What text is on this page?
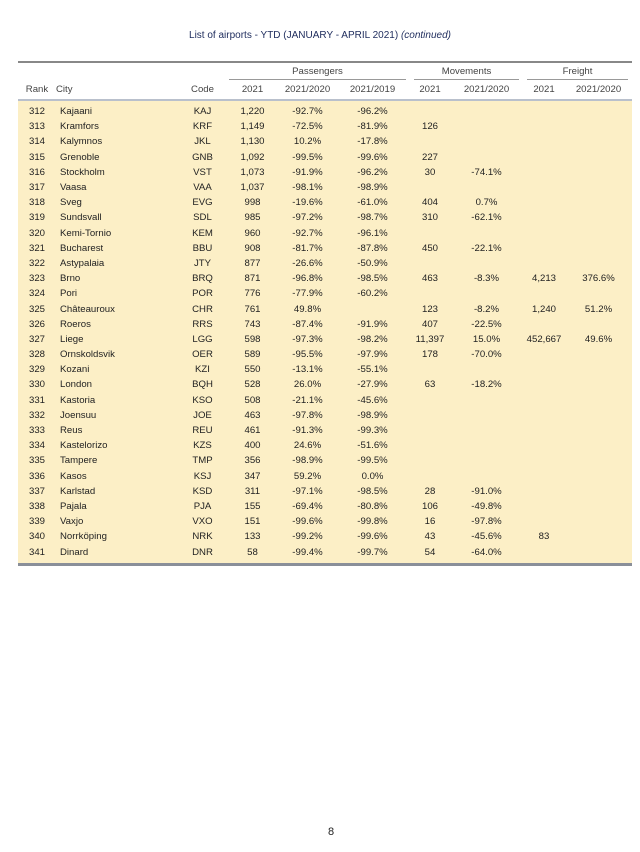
List of airports - YTD (JANUARY - APRIL 2021) (continued)
			Passengers			Movements		Freight	
Rank	City	Code	2021	2021/2020	2021/2019	2021	2021/2020	2021	2021/2020
312	Kajaani	KAJ	1,220	-92.7%	-96.2%				
313	Kramfors	KRF	1,149	-72.5%	-81.9%	126			
314	Kalymnos	JKL	1,130	10.2%	-17.8%				
315	Grenoble	GNB	1,092	-99.5%	-99.6%	227			
316	Stockholm	VST	1,073	-91.9%	-96.2%	30	-74.1%		
317	Vaasa	VAA	1,037	-98.1%	-98.9%				
318	Sveg	EVG	998	-19.6%	-61.0%	404	0.7%		
319	Sundsvall	SDL	985	-97.2%	-98.7%	310	-62.1%		
320	Kemi-Tornio	KEM	960	-92.7%	-96.1%				
321	Bucharest	BBU	908	-81.7%	-87.8%	450	-22.1%		
322	Astypalaia	JTY	877	-26.6%	-50.9%				
323	Brno	BRQ	871	-96.8%	-98.5%	463	-8.3%	4,213	376.6%
324	Pori	POR	776	-77.9%	-60.2%				
325	Châteauroux	CHR	761	49.8%		123	-8.2%	1,240	51.2%
326	Roeros	RRS	743	-87.4%	-91.9%	407	-22.5%		
327	Liege	LGG	598	-97.3%	-98.2%	11,397	15.0%	452,667	49.6%
328	Ornskoldsvik	OER	589	-95.5%	-97.9%	178	-70.0%		
329	Kozani	KZI	550	-13.1%	-55.1%				
330	London	BQH	528	26.0%	-27.9%	63	-18.2%		
331	Kastoria	KSO	508	-21.1%	-45.6%				
332	Joensuu	JOE	463	-97.8%	-98.9%				
333	Reus	REU	461	-91.3%	-99.3%				
334	Kastelorizo	KZS	400	24.6%	-51.6%				
335	Tampere	TMP	356	-98.9%	-99.5%				
336	Kasos	KSJ	347	59.2%	0.0%				
337	Karlstad	KSD	311	-97.1%	-98.5%	28	-91.0%		
338	Pajala	PJA	155	-69.4%	-80.8%	106	-49.8%		
339	Vaxjo	VXO	151	-99.6%	-99.8%	16	-97.8%		
340	Norrköping	NRK	133	-99.2%	-99.6%	43	-45.6%	83	
341	Dinard	DNR	58	-99.4%	-99.7%	54	-64.0%		
8
